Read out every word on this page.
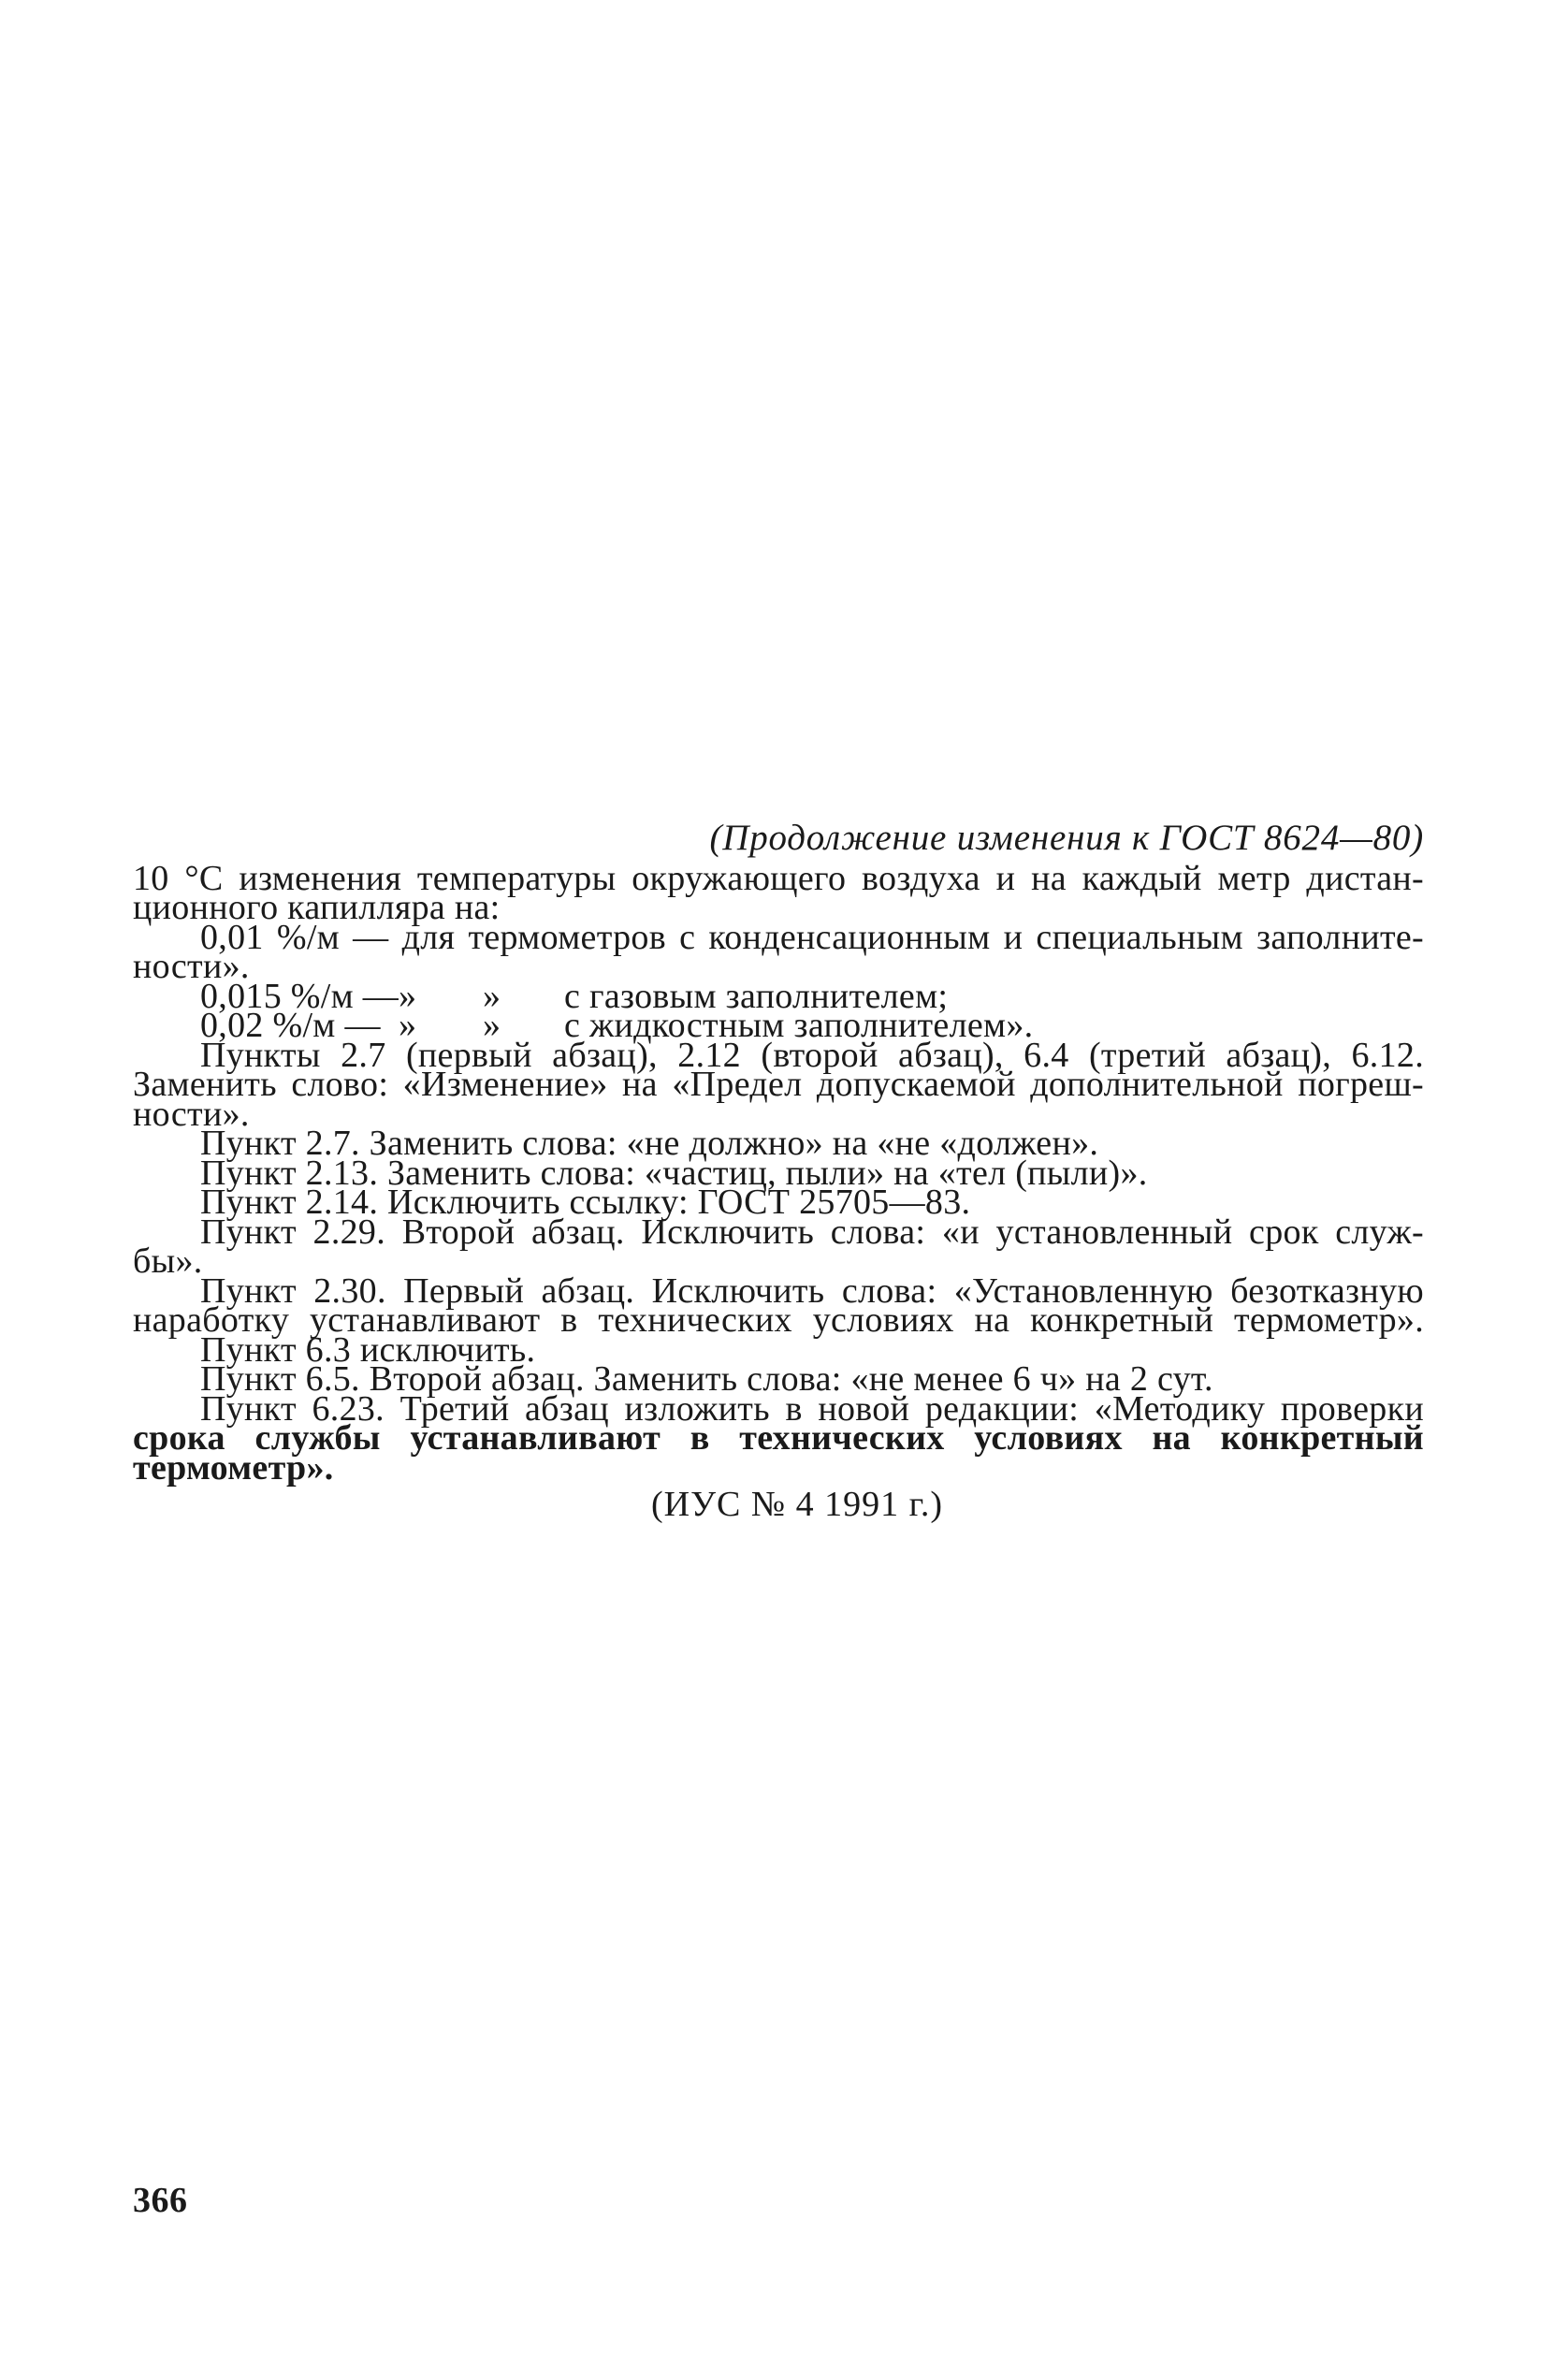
(Продолжение изменения к ГОСТ 8624—80)
10 °С изменения температуры окружающего воздуха и на каждый метр дистан-
ционного капилляра на:
0,01 %/м — для термометров с конденсационным и специальным заполните-
ности».
0,015 %/м —» » с газовым заполнителем;
0,02 %/м — » » с жидкостным заполнителем».
Пункты 2.7 (первый абзац), 2.12 (второй абзац), 6.4 (третий абзац), 6.12.
Заменить слово: «Изменение» на «Предел допускаемой дополнительной погреш-
ности».
Пункт 2.7. Заменить слова: «не должно» на «не «должен».
Пункт 2.13. Заменить слова: «частиц, пыли» на «тел (пыли)».
Пункт 2.14. Исключить ссылку: ГОСТ 25705—83.
Пункт 2.29. Второй абзац. Исключить слова: «и установленный срок служ-
бы».
Пункт 2.30. Первый абзац. Исключить слова: «Установленную безотказную
наработку устанавливают в технических условиях на конкретный термометр».
Пункт 6.3 исключить.
Пункт 6.5. Второй абзац. Заменить слова: «не менее 6 ч» на 2 сут.
Пункт 6.23. Третий абзац изложить в новой редакции: «Методику проверки
срока службы устанавливают в технических условиях на конкретный термометр».
(ИУС № 4 1991 г.)
366
